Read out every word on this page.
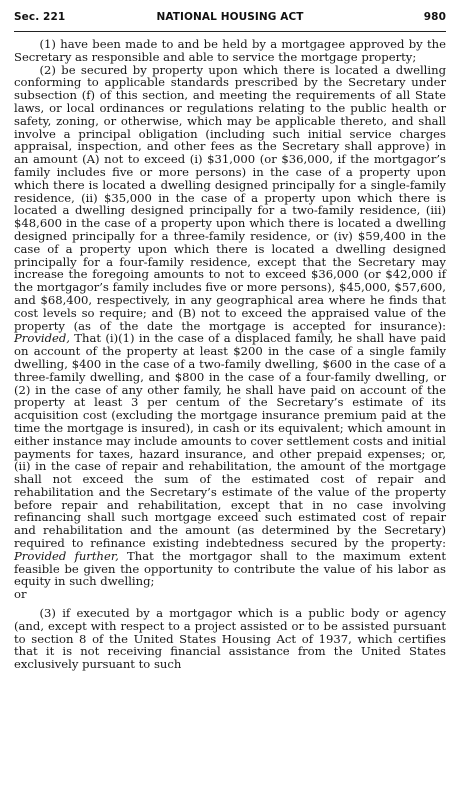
Sec. 221	NATIONAL HOUSING ACT	980

(1) have been made to and be held by a mortgagee approved by the Secretary as responsible and able to service the mortgage property;

(2) be secured by property upon which there is located a dwelling conforming to applicable standards prescribed by the Secretary under subsection (f) of this section, and meeting the requirements of all State laws, or local ordinances or regulations relating to the public health or safety, zoning, or otherwise, which may be applicable thereto, and shall involve a principal obligation (including such initial service charges appraisal, inspection, and other fees as the Secretary shall approve) in an amount (A) not to exceed (i) $31,000 (or $36,000, if the mortgagor’s family includes five or more persons) in the case of a property upon which there is located a dwelling designed principally for a single-family residence, (ii) $35,000 in the case of a property upon which there is located a dwelling designed principally for a two-family residence, (iii) $48,600 in the case of a property upon which there is located a dwelling designed principally for a three-family residence, or (iv) $59,400 in the case of a property upon which there is located a dwelling designed principally for a four-family residence, except that the Secretary may increase the foregoing amounts to not to exceed $36,000 (or $42,000 if the mortgagor’s family includes five or more persons), $45,000, $57,600, and $68,400, respectively, in any geographical area where he finds that cost levels so require; and (B) not to exceed the appraised value of the property (as of the date the mortgage is accepted for insurance): Provided, That (i)(1) in the case of a displaced family, he shall have paid on account of the property at least $200 in the case of a single family dwelling, $400 in the case of a two-family dwelling, $600 in the case of a three-family dwelling, and $800 in the case of a four-family dwelling, or (2) in the case of any other family, he shall have paid on account of the property at least 3 per centum of the Secretary’s estimate of its acquisition cost (excluding the mortgage insurance premium paid at the time the mortgage is insured), in cash or its equivalent; which amount in either instance may include amounts to cover settlement costs and initial payments for taxes, hazard insurance, and other prepaid expenses; or, (ii) in the case of repair and rehabilitation, the amount of the mortgage shall not exceed the sum of the estimated cost of repair and rehabilitation and the Secretary’s estimate of the value of the property before repair and rehabilitation, except that in no case involving refinancing shall such mortgage exceed such estimated cost of repair and rehabilitation and the amount (as determined by the Secretary) required to refinance existing indebtedness secured by the property: Provided further, That the mortgagor shall to the maximum extent feasible be given the opportunity to contribute the value of his labor as equity in such dwelling;

or

(3) if executed by a mortgagor which is a public body or agency (and, except with respect to a project assisted or to be assisted pursuant to section 8 of the United States Housing Act of 1937, which certifies that it is not receiving financial assistance from the United States exclusively pursuant to such
